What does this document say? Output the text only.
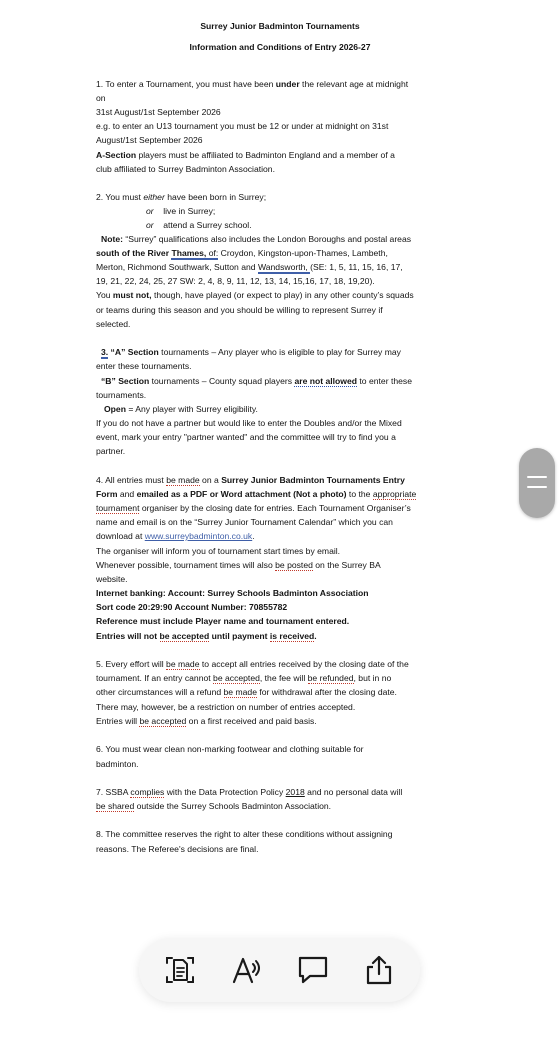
Surrey Junior Badminton Tournaments
Information and Conditions of Entry 2026-27
1. To enter a Tournament, you must have been under the relevant age at midnight
on
31st August/1st September 2026
e.g. to enter an U13 tournament you must be 12 or under at midnight on 31st
August/1st September 2026
A-Section players must be affiliated to Badminton England and a member of a
club affiliated to Surrey Badminton Association.
2. You must either have been born in Surrey;
or live in Surrey;
or attend a Surrey school.
Note: “Surrey” qualifications also includes the London Boroughs and postal areas
south of the River Thames, of: Croydon, Kingston-upon-Thames, Lambeth,
Merton, Richmond Southwark, Sutton and Wandsworth, (SE: 1, 5, 11, 15, 16, 17,
19, 21, 22, 24, 25, 27 SW: 2, 4, 8, 9, 11, 12, 13, 14, 15,16, 17, 18, 19,20).
You must not, though, have played (or expect to play) in any other county’s squads
or teams during this season and you should be willing to represent Surrey if
selected.
3. “A” Section tournaments – Any player who is eligible to play for Surrey may
enter these tournaments.
“B” Section tournaments – County squad players are not allowed to enter these
tournaments.
Open = Any player with Surrey eligibility.
If you do not have a partner but would like to enter the Doubles and/or the Mixed
event, mark your entry "partner wanted" and the committee will try to find you a
partner.
4. All entries must be made on a Surrey Junior Badminton Tournaments Entry
Form and emailed as a PDF or Word attachment (Not a photo) to the appropriate
tournament organiser by the closing date for entries. Each Tournament Organiser’s
name and email is on the “Surrey Junior Tournament Calendar” which you can
download at www.surreybadminton.co.uk.
The organiser will inform you of tournament start times by email.
Whenever possible, tournament times will also be posted on the Surrey BA
website.
Internet banking: Account: Surrey Schools Badminton Association
Sort code 20:29:90 Account Number: 70855782
Reference must include Player name and tournament entered.
Entries will not be accepted until payment is received.
5. Every effort will be made to accept all entries received by the closing date of the
tournament. If an entry cannot be accepted, the fee will be refunded, but in no
other circumstances will a refund be made for withdrawal after the closing date.
There may, however, be a restriction on number of entries accepted.
Entries will be accepted on a first received and paid basis.
6. You must wear clean non-marking footwear and clothing suitable for
badminton.
7. SSBA complies with the Data Protection Policy 2018 and no personal data will
be shared outside the Surrey Schools Badminton Association.
8. The committee reserves the right to alter these conditions without assigning
reasons. The Referee's decisions are final.
